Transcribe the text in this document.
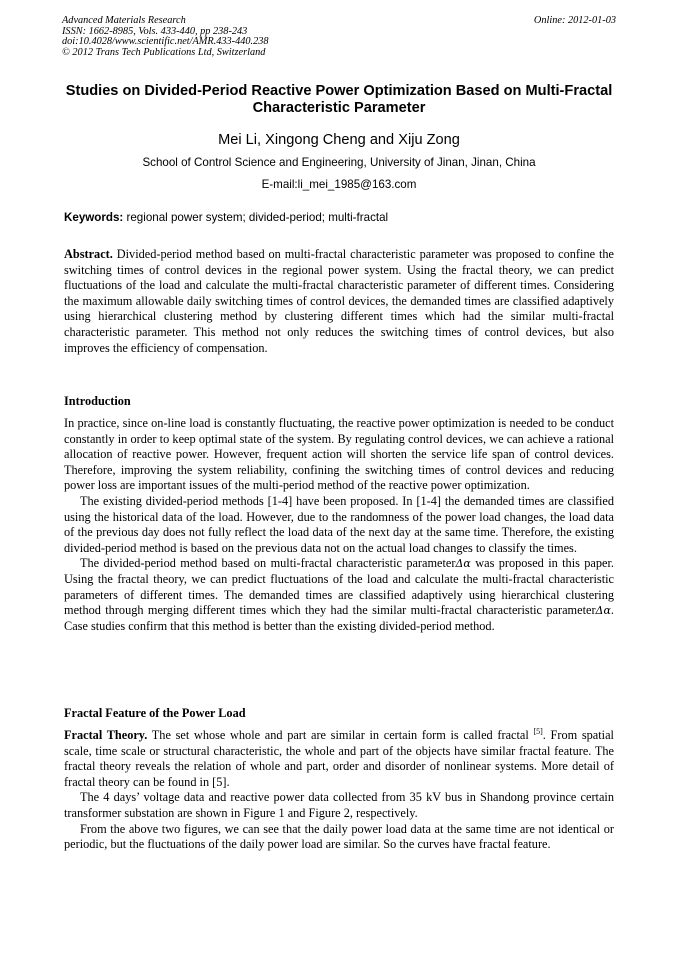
Advanced Materials Research
ISSN: 1662-8985, Vols. 433-440, pp 238-243
doi:10.4028/www.scientific.net/AMR.433-440.238
© 2012 Trans Tech Publications Ltd, Switzerland
Online: 2012-01-03
Studies on Divided-Period Reactive Power Optimization Based on Multi-Fractal Characteristic Parameter
Mei Li, Xingong Cheng and Xiju Zong
School of Control Science and Engineering, University of Jinan, Jinan, China
E-mail:li_mei_1985@163.com
Keywords: regional power system; divided-period; multi-fractal
Abstract. Divided-period method based on multi-fractal characteristic parameter was proposed to confine the switching times of control devices in the regional power system. Using the fractal theory, we can predict fluctuations of the load and calculate the multi-fractal characteristic parameter of different times. Considering the maximum allowable daily switching times of control devices, the demanded times are classified adaptively using hierarchical clustering method by clustering different times which had the similar multi-fractal characteristic parameter. This method not only reduces the switching times of control devices, but also improves the efficiency of compensation.
Introduction

In practice, since on-line load is constantly fluctuating, the reactive power optimization is needed to be conduct constantly in order to keep optimal state of the system. By regulating control devices, we can achieve a rational allocation of reactive power. However, frequent action will shorten the service life span of control devices. Therefore, improving the system reliability, confining the switching times of control devices and reducing power loss are important issues of the multi-period method of the reactive power optimization.

The existing divided-period methods [1-4] have been proposed. In [1-4] the demanded times are classified using the historical data of the load. However, due to the randomness of the power load changes, the load data of the previous day does not fully reflect the load data of the next day at the same time. Therefore, the existing divided-period method is based on the previous data not on the actual load changes to classify the times.

The divided-period method based on multi-fractal characteristic parameterΔα was proposed in this paper. Using the fractal theory, we can predict fluctuations of the load and calculate the multi-fractal characteristic parameters of different times. The demanded times are classified adaptively using hierarchical clustering method through merging different times which they had the similar multi-fractal characteristic parameterΔα. Case studies confirm that this method is better than the existing divided-period method.

Fractal Feature of the Power Load

Fractal Theory. The set whose whole and part are similar in certain form is called fractal [5]. From spatial scale, time scale or structural characteristic, the whole and part of the objects have similar fractal feature. The fractal theory reveals the relation of whole and part, order and disorder of nonlinear systems. More detail of fractal theory can be found in [5].

The 4 days’ voltage data and reactive power data collected from 35 kV bus in Shandong province certain transformer substation are shown in Figure 1 and Figure 2, respectively.

From the above two figures, we can see that the daily power load data at the same time are not identical or periodic, but the fluctuations of the daily power load are similar. So the curves have fractal feature.
